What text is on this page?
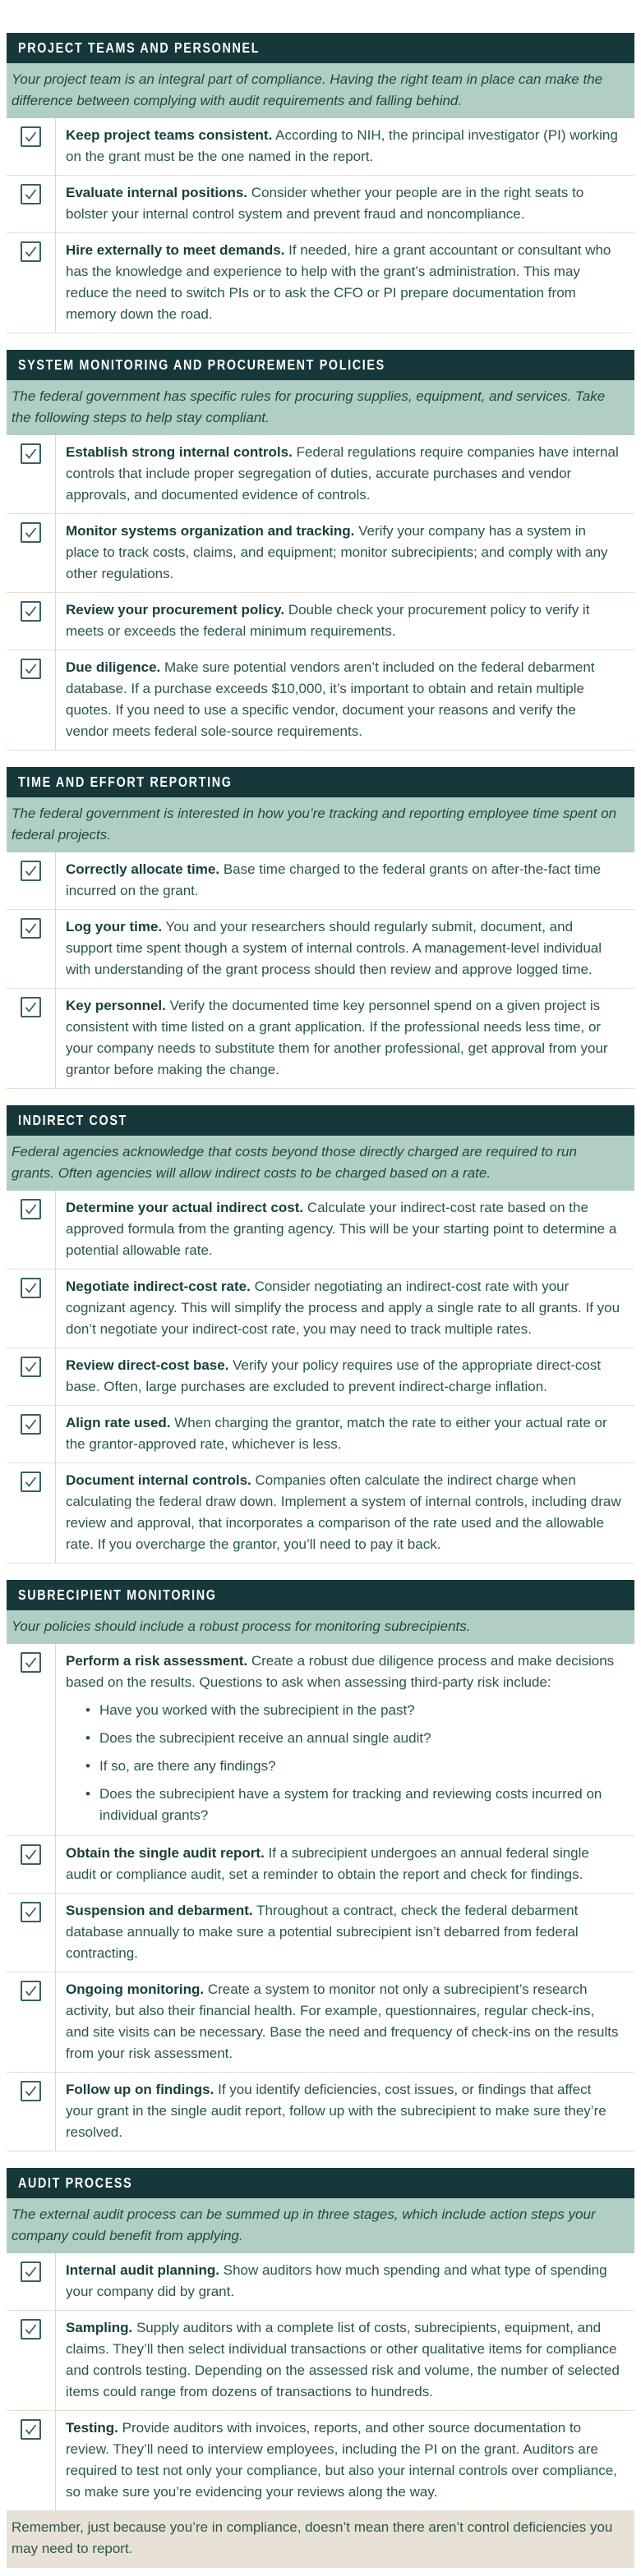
PROJECT TEAMS AND PERSONNEL
Your project team is an integral part of compliance. Having the right team in place can make the difference between complying with audit requirements and falling behind.
Keep project teams consistent. According to NIH, the principal investigator (PI) working on the grant must be the one named in the report.
Evaluate internal positions. Consider whether your people are in the right seats to bolster your internal control system and prevent fraud and noncompliance.
Hire externally to meet demands. If needed, hire a grant accountant or consultant who has the knowledge and experience to help with the grant’s administration. This may reduce the need to switch PIs or to ask the CFO or PI prepare documentation from memory down the road.
SYSTEM MONITORING AND PROCUREMENT POLICIES
The federal government has specific rules for procuring supplies, equipment, and services. Take the following steps to help stay compliant.
Establish strong internal controls. Federal regulations require companies have internal controls that include proper segregation of duties, accurate purchases and vendor approvals, and documented evidence of controls.
Monitor systems organization and tracking. Verify your company has a system in place to track costs, claims, and equipment; monitor subrecipients; and comply with any other regulations.
Review your procurement policy. Double check your procurement policy to verify it meets or exceeds the federal minimum requirements.
Due diligence. Make sure potential vendors aren’t included on the federal debarment database. If a purchase exceeds $10,000, it’s important to obtain and retain multiple quotes. If you need to use a specific vendor, document your reasons and verify the vendor meets federal sole-source requirements.
TIME AND EFFORT REPORTING
The federal government is interested in how you’re tracking and reporting employee time spent on federal projects.
Correctly allocate time. Base time charged to the federal grants on after-the-fact time incurred on the grant.
Log your time. You and your researchers should regularly submit, document, and support time spent though a system of internal controls. A management-level individual with understanding of the grant process should then review and approve logged time.
Key personnel. Verify the documented time key personnel spend on a given project is consistent with time listed on a grant application. If the professional needs less time, or your company needs to substitute them for another professional, get approval from your grantor before making the change.
INDIRECT COST
Federal agencies acknowledge that costs beyond those directly charged are required to run grants. Often agencies will allow indirect costs to be charged based on a rate.
Determine your actual indirect cost. Calculate your indirect-cost rate based on the approved formula from the granting agency. This will be your starting point to determine a potential allowable rate.
Negotiate indirect-cost rate. Consider negotiating an indirect-cost rate with your cognizant agency. This will simplify the process and apply a single rate to all grants. If you don’t negotiate your indirect-cost rate, you may need to track multiple rates.
Review direct-cost base. Verify your policy requires use of the appropriate direct-cost base. Often, large purchases are excluded to prevent indirect-charge inflation.
Align rate used. When charging the grantor, match the rate to either your actual rate or the grantor-approved rate, whichever is less.
Document internal controls. Companies often calculate the indirect charge when calculating the federal draw down. Implement a system of internal controls, including draw review and approval, that incorporates a comparison of the rate used and the allowable rate. If you overcharge the grantor, you’ll need to pay it back.
SUBRECIPIENT MONITORING
Your policies should include a robust process for monitoring subrecipients.
Perform a risk assessment. Create a robust due diligence process and make decisions based on the results. Questions to ask when assessing third-party risk include:
• Have you worked with the subrecipient in the past?
• Does the subrecipient receive an annual single audit?
• If so, are there any findings?
• Does the subrecipient have a system for tracking and reviewing costs incurred on individual grants?
Obtain the single audit report. If a subrecipient undergoes an annual federal single audit or compliance audit, set a reminder to obtain the report and check for findings.
Suspension and debarment. Throughout a contract, check the federal debarment database annually to make sure a potential subrecipient isn’t debarred from federal contracting.
Ongoing monitoring. Create a system to monitor not only a subrecipient’s research activity, but also their financial health. For example, questionnaires, regular check-ins, and site visits can be necessary. Base the need and frequency of check-ins on the results from your risk assessment.
Follow up on findings. If you identify deficiencies, cost issues, or findings that affect your grant in the single audit report, follow up with the subrecipient to make sure they’re resolved.
AUDIT PROCESS
The external audit process can be summed up in three stages, which include action steps your company could benefit from applying.
Internal audit planning. Show auditors how much spending and what type of spending your company did by grant.
Sampling. Supply auditors with a complete list of costs, subrecipients, equipment, and claims. They’ll then select individual transactions or other qualitative items for compliance and controls testing. Depending on the assessed risk and volume, the number of selected items could range from dozens of transactions to hundreds.
Testing. Provide auditors with invoices, reports, and other source documentation to review. They’ll need to interview employees, including the PI on the grant. Auditors are required to test not only your compliance, but also your internal controls over compliance, so make sure you’re evidencing your reviews along the way.
Remember, just because you’re in compliance, doesn’t mean there aren’t control deficiencies you may need to report.
